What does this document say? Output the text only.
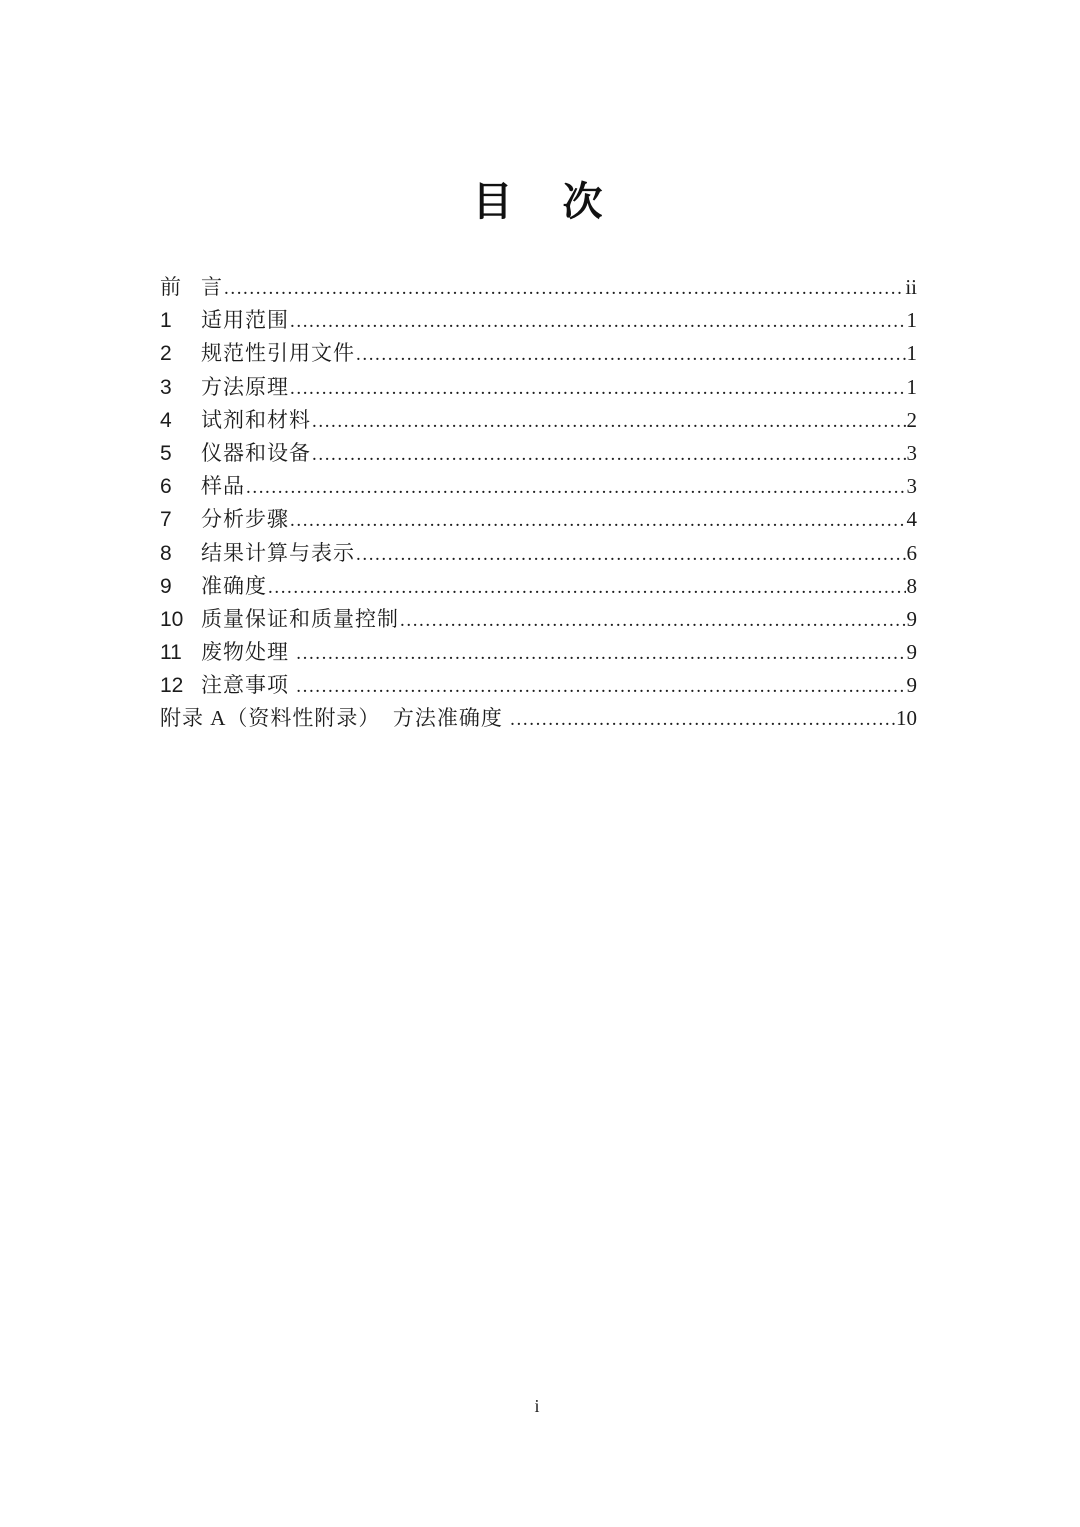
目　次
前 言 .....	ii
1	适用范围 .....	1
2	规范性引用文件 .....	1
3	方法原理 .....	1
4	试剂和材料 .....	2
5	仪器和设备 .....	3
6	样品 .....	3
7	分析步骤 .....	4
8	结果计算与表示 .....	6
9	准确度 .....	8
10 质量保证和质量控制 .....	9
11 废物处理 .....	9
12 注意事项 .....	9
附录 A（资料性附录）  方法准确度 .....	10
i
